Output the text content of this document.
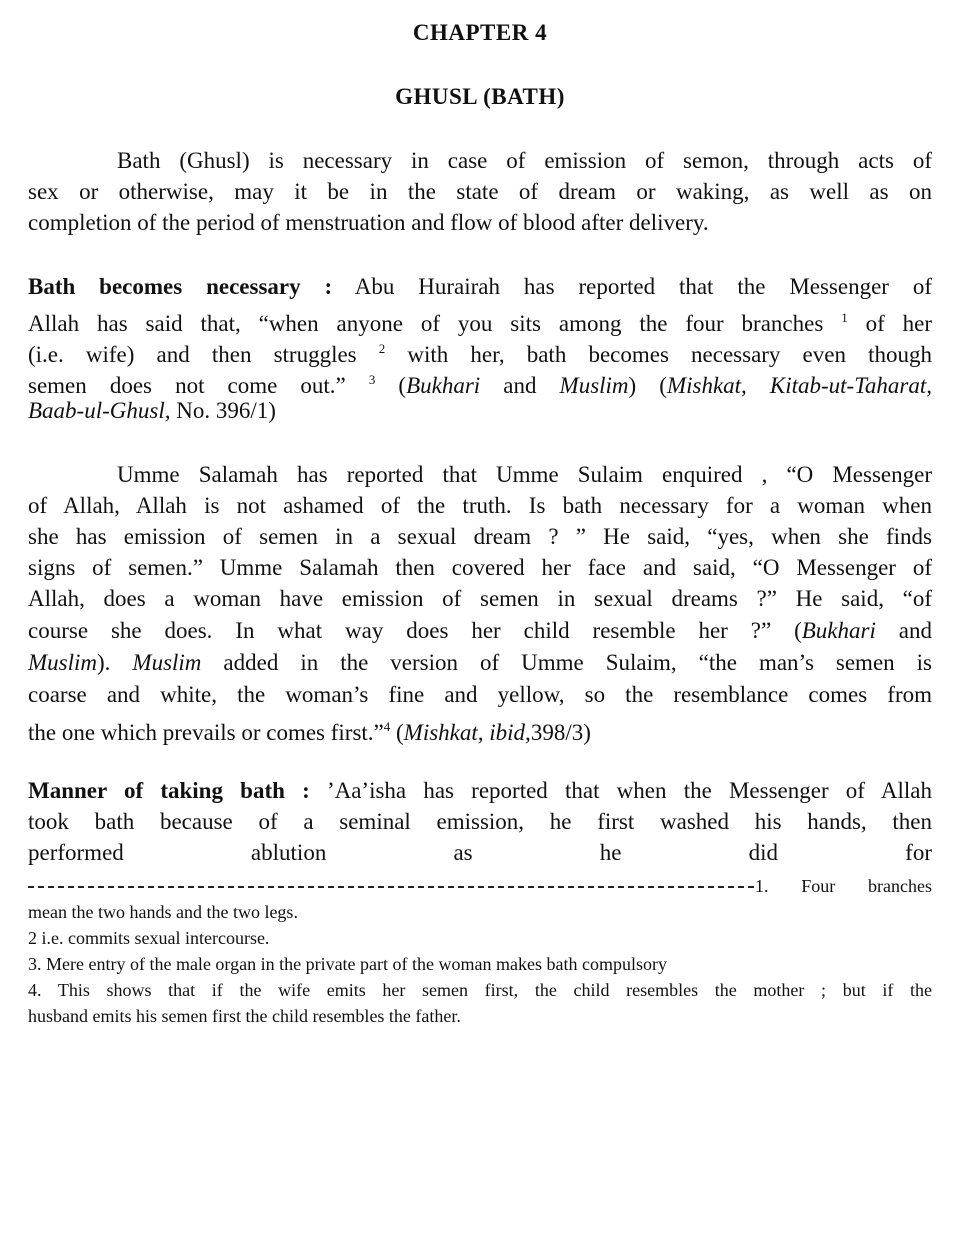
CHAPTER 4
GHUSL (BATH)
Bath (Ghusl) is necessary in case of emission of semon, through acts of
sex or otherwise, may it be in the state of dream or waking, as well as on
completion of the period of menstruation and flow of blood after delivery.
Bath becomes necessary : Abu Hurairah has reported that the Messenger of
Allah has said that, “when anyone of you sits among the four branches $^1$ of her
(i.e. wife) and then struggles $^2$ with her, bath becomes necessary even though
semen does not come out.” $^3$ (Bukhari and Muslim) (Mishkat, Kitab-ut-Taharat,
Baab-ul-Ghusl, No. 396/1)
Umme Salamah has reported that Umme Sulaim enquired , “O Messenger
of Allah, Allah is not ashamed of the truth. Is bath necessary for a woman when
she has emission of semen in a sexual dream ? ” He said, “yes, when she finds
signs of semen.” Umme Salamah then covered her face and said, “O Messenger of
Allah, does a woman have emission of semen in sexual dreams ?” He said, “of
course she does. In what way does her child resemble her ?” (Bukhari and
Muslim). Muslim added in the version of Umme Sulaim, “the man’s semen is
coarse and white, the woman’s fine and yellow, so the resemblance comes from
the one which prevails or comes first.”$^4$ (Mishkat, ibid,398/3)
Manner of taking bath : ’Aa’isha has reported that when the Messenger of Allah
took bath because of a seminal emission, he first washed his hands, then
performed ablution as he did for
1. Four branches
mean the two hands and the two legs.
2 i.e. commits sexual intercourse.
3. Mere entry of the male organ in the private part of the woman makes bath compulsory
4. This shows that if the wife emits her semen first, the child resembles the mother ; but if the
husband emits his semen first the child resembles the father.
